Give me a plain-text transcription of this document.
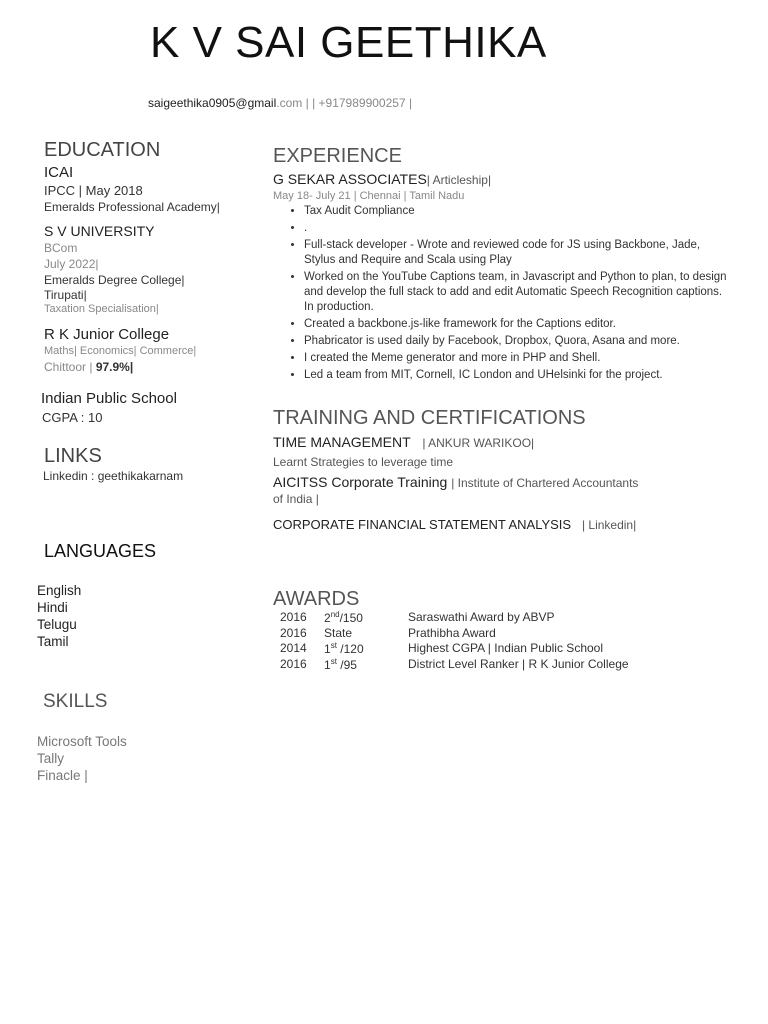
K V SAI GEETHIKA
saigeethika0905@gmail.com | | +917989900257 |
EDUCATION
ICAI
IPCC | May 2018
Emeralds Professional Academy|
S V UNIVERSITY
BCom
July 2022|
Emeralds Degree College|
Tirupati|
Taxation Specialisation|
R K Junior College
Maths| Economics| Commerce|
Chittoor | 97.9%|
Indian Public School
CGPA : 10
LINKS
Linkedin : geethikakarnam
LANGUAGES
English
Hindi
Telugu
Tamil
SKILLS
Microsoft Tools
Tally
Finacle |
EXPERIENCE
G SEKAR ASSOCIATES| Articleship|
May 18- July 21 | Chennai | Tamil Nadu
• Tax Audit Compliance
• .
• Full-stack developer - Wrote and reviewed code for JS using Backbone, Jade, Stylus and Require and Scala using Play
• Worked on the YouTube Captions team, in Javascript and Python to plan, to design and develop the full stack to add and edit Automatic Speech Recognition captions. In production.
• Created a backbone.js-like framework for the Captions editor.
• Phabricator is used daily by Facebook, Dropbox, Quora, Asana and more.
• I created the Meme generator and more in PHP and Shell.
• Led a team from MIT, Cornell, IC London and UHelsinki for the project.
TRAINING AND CERTIFICATIONS
TIME MANAGEMENT | ANKUR WARIKOO|
Learnt Strategies to leverage time
AICITSS Corporate Training | Institute of Chartered Accountants
of India |
CORPORATE FINANCIAL STATEMENT ANALYSIS | Linkedin|
AWARDS
2016	2nd/150	Saraswathi Award by ABVP
2016	State	Prathibha Award
2014	1st /120	Highest CGPA | Indian Public School
2016	1st /95	District Level Ranker | R K Junior College
